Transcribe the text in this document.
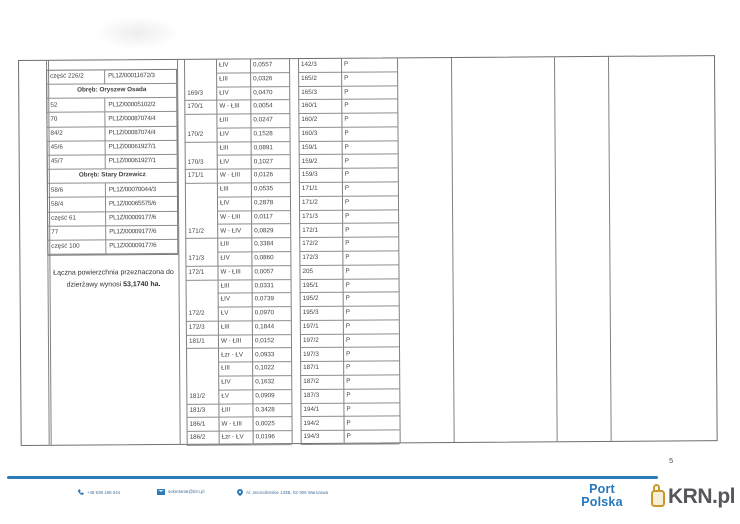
ŁIV	0,0557	142/3	P
ŁIII	0,0326	165/2	P
169/3	ŁIV	0,0470	165/3	P
170/1	W - ŁIII	0,0054	160/1	P
ŁIII	0,0247	160/2	P
170/2	ŁIV	0,1528	160/3	P
ŁIII	0,0891	159/1	P
170/3	ŁIV	0,1027	159/2	P
171/1	W - ŁIII	0,0126	159/3	P
ŁIII	0,0535	171/1	P
ŁIV	0,2878	171/2	P
W - ŁIII	0,0117	171/3	P
171/2	W - ŁIV	0,0829	172/1	P
ŁIII	0,3384	172/2	P
171/3	ŁIV	0,0860	172/3	P
172/1	W - ŁIII	0,0057	205	P
ŁIII	0,0331	195/1	P
ŁIV	0,0739	195/2	P
172/2	ŁV	0,0970	195/3	P
172/3	ŁIII	0,1844	197/1	P
181/1	W - ŁIII	0,0152	197/2	P
Łzr - ŁV	0,0933	197/3	P
ŁIII	0,1022	187/1	P
ŁIV	0,1632	187/2	P
181/2	ŁV	0,0909	187/3	P
181/3	ŁIII	0,3428	194/1	P
186/1	W - ŁIII	0,0025	194/2	P
186/2	Łzr - ŁV	0,0196	194/3	P
część 226/2	PL1Z/00011672/3
Obręb: Oryszew Osada
52	PL1Z/00005102/2
70	PL1Z/00087074/4
84/2	PL1Z/00087074/4
45/6	PL1Z/00061927/1
45/7	PL1Z/00061927/1
Obręb: Stary Drzewicz
58/6	PL1Z/00070044/3
58/4	PL1Z/00065575/6
część 61	PL1Z/00009177/6
77	PL1Z/00009177/6
część 100	PL1Z/00009177/6
Łączna powierzchnia przeznaczona do dzierżawy wynosi 53,1740 ha.
5
+48 539 188 044	sekretariat@kzn.pl	Al. Jerozolimskie 133B, 02-305 Warszawa	Port
Polska	KRN.pl
